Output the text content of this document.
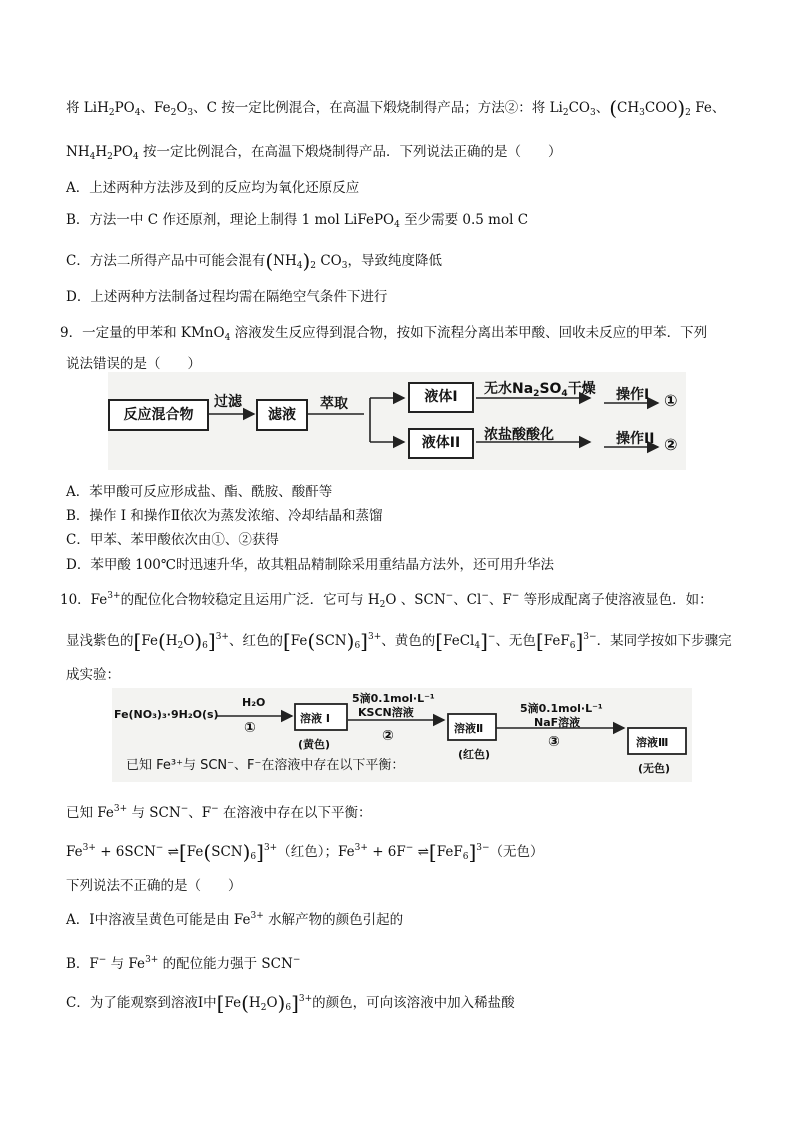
将 $LiH_2PO_4$、$Fe_2O_3$、C 按一定比例混合，在高温下煅烧制得产品；方法②：将 $Li_2CO_3$、$(CH_3COO)_2$ Fe、
$NH_4H_2PO_4$ 按一定比例混合，在高温下煅烧制得产品．下列说法正确的是（　　）
A．上述两种方法涉及到的反应均为氧化还原反应
B．方法一中 C 作还原剂，理论上制得 1 mol LiFePO$_4$ 至少需要 0.5 mol C
C．方法二所得产品中可能会混有$(NH_4)_2$ $CO_3$，导致纯度降低
D．上述两种方法制备过程均需在隔绝空气条件下进行
9．一定量的甲苯和 KMnO$_4$ 溶液发生反应得到混合物，按如下流程分离出苯甲酸、回收未反应的甲苯．下列
说法错误的是（　　）
反应混合物
过滤
滤液
萃取	液体I
液体II
无水$Na_2SO_4$干燥
浓盐酸酸化
操作I
操作II
①
②
A．苯甲酸可反应形成盐、酯、酰胺、酸酐等
B．操作 I 和操作Ⅱ依次为蒸发浓缩、冷却结晶和蒸馏
C．甲苯、苯甲酸依次由①、②获得
D．苯甲酸 100℃时迅速升华，故其粗品精制除采用重结晶方法外，还可用升华法
10．$Fe^{3+}$的配位化合物较稳定且运用广泛．它可与 $H_2O$ 、SCN−、Cl−、F− 等形成配离子使溶液显色．如：
显浅紫色的$[Fe(H_2O)_6]^{3+}$、红色的$[Fe(SCN)_6]^{3+}$、黄色的[FeCl$_4$]−、无色$[FeF_6]^{3-}$．某同学按如下步骤完
成实验：
Fe(NO₃)₃·9H₂O(s)
H₂O
①
溶液 I
(黄色)
5滴0.1mol·L⁻¹
KSCN溶液
②	溶液Ⅱ
(红色)
5滴0.1mol·L⁻¹
NaF溶液
③	溶液Ⅲ
(无色)
已知 Fe³⁺与 SCN⁻、F⁻在溶液中存在以下平衡：
已知 $Fe^{3+}$ 与 SCN−、F− 在溶液中存在以下平衡：
$Fe^{3+} + 6SCN^-$ $\rightleftharpoons[Fe(SCN)_6]^{3+}$（红色）；$Fe^{3+} + 6F^-$ $\rightleftharpoons[FeF_6]^{3-}$（无色）
下列说法不正确的是（　　）
A．Ⅰ中溶液呈黄色可能是由 $Fe^{3+}$ 水解产物的颜色引起的
B．F− 与 $Fe^{3+}$ 的配位能力强于 SCN−
C．为了能观察到溶液Ⅰ中$[Fe(H_2O)_6]^{3+}$的颜色，可向该溶液中加入稀盐酸
